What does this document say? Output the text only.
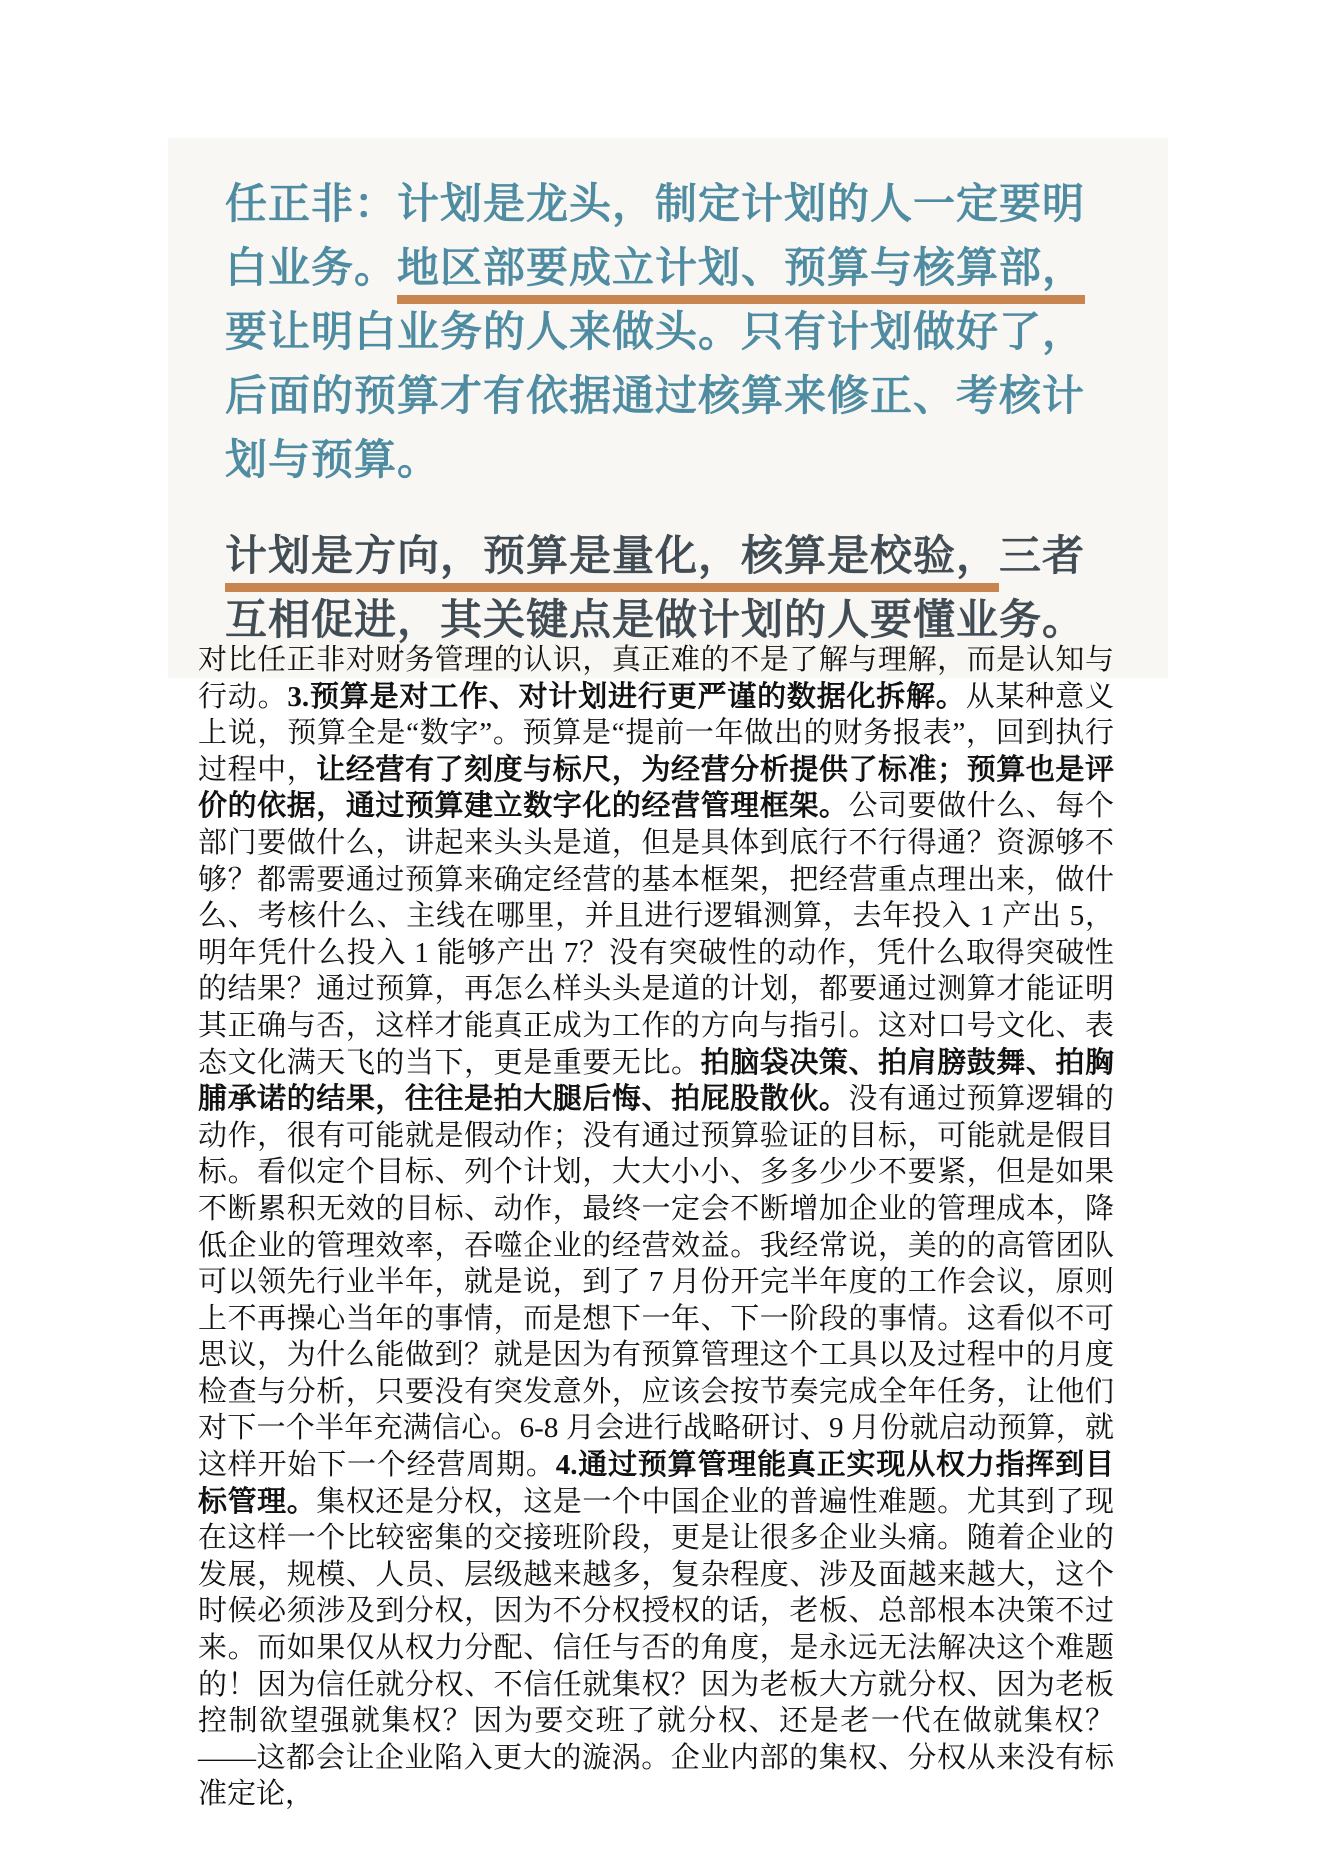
任正非：计划是龙头，制定计划的人一定要明
白业务。地区部要成立计划、预算与核算部，
要让明白业务的人来做头。只有计划做好了，
后面的预算才有依据通过核算来修正、考核计
划与预算。
计划是方向，预算是量化，核算是校验，三者
互相促进，其关键点是做计划的人要懂业务。
对比任正非对财务管理的认识，真正难的不是了解与理解，而是认知与行动。3.预算是对工作、对计划进行更严谨的数据化拆解。从某种意义上说，预算全是“数字”。预算是“提前一年做出的财务报表”，回到执行过程中，让经营有了刻度与标尺，为经营分析提供了标准；预算也是评价的依据，通过预算建立数字化的经营管理框架。公司要做什么、每个部门要做什么，讲起来头头是道，但是具体到底行不行得通？资源够不够？都需要通过预算来确定经营的基本框架，把经营重点理出来，做什么、考核什么、主线在哪里，并且进行逻辑测算，去年投入 1 产出 5，明年凭什么投入 1 能够产出 7？没有突破性的动作，凭什么取得突破性的结果？通过预算，再怎么样头头是道的计划，都要通过测算才能证明其正确与否，这样才能真正成为工作的方向与指引。这对口号文化、表态文化满天飞的当下，更是重要无比。拍脑袋决策、拍肩膀鼓舞、拍胸脯承诺的结果，往往是拍大腿后悔、拍屁股散伙。没有通过预算逻辑的动作，很有可能就是假动作；没有通过预算验证的目标，可能就是假目标。看似定个目标、列个计划，大大小小、多多少少不要紧，但是如果不断累积无效的目标、动作，最终一定会不断增加企业的管理成本，降低企业的管理效率，吞噬企业的经营效益。我经常说，美的的高管团队可以领先行业半年，就是说，到了 7 月份开完半年度的工作会议，原则上不再操心当年的事情，而是想下一年、下一阶段的事情。这看似不可思议，为什么能做到？就是因为有预算管理这个工具以及过程中的月度检查与分析，只要没有突发意外，应该会按节奏完成全年任务，让他们对下一个半年充满信心。6-8 月会进行战略研讨、9 月份就启动预算，就这样开始下一个经营周期。4.通过预算管理能真正实现从权力指挥到目标管理。集权还是分权，这是一个中国企业的普遍性难题。尤其到了现在这样一个比较密集的交接班阶段，更是让很多企业头痛。随着企业的发展，规模、人员、层级越来越多，复杂程度、涉及面越来越大，这个时候必须涉及到分权，因为不分权授权的话，老板、总部根本决策不过来。而如果仅从权力分配、信任与否的角度，是永远无法解决这个难题的！因为信任就分权、不信任就集权？因为老板大方就分权、因为老板控制欲望强就集权？因为要交班了就分权、还是老一代在做就集权？——这都会让企业陷入更大的漩涡。企业内部的集权、分权从来没有标准定论，
